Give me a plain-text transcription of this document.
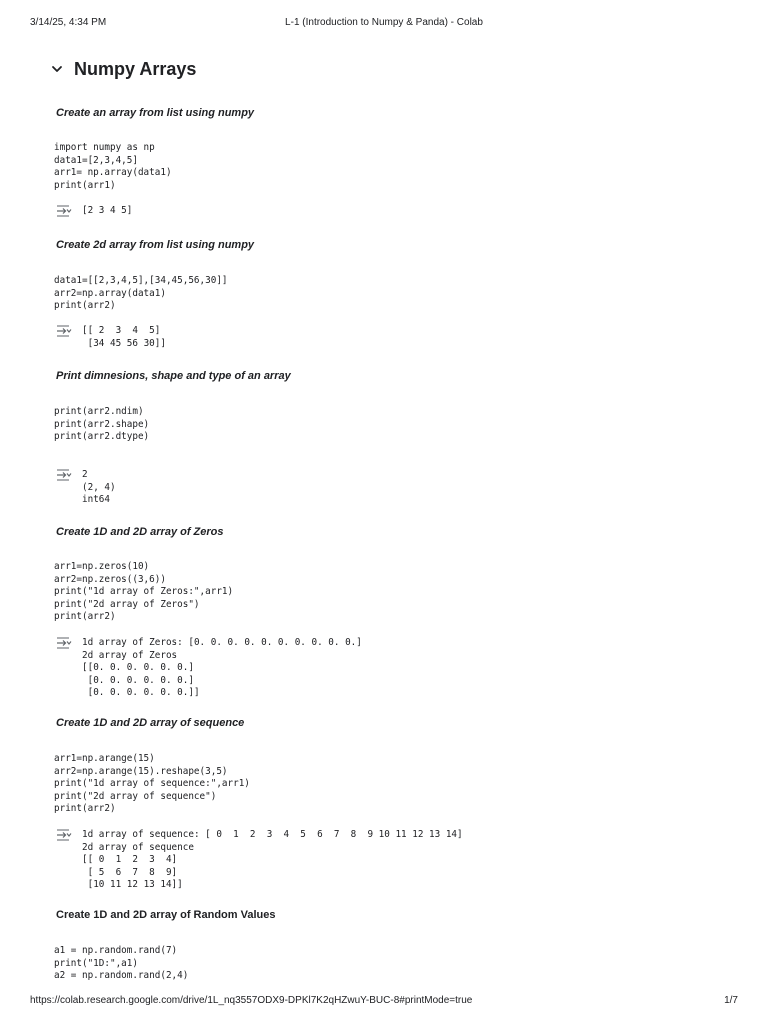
3/14/25, 4:34 PM	L-1 (Introduction to Numpy & Panda) - Colab
Numpy Arrays
Create an array from list using numpy
import numpy as np
data1=[2,3,4,5]
arr1= np.array(data1)
print(arr1)
[2 3 4 5]
Create 2d array from list using numpy
data1=[[2,3,4,5],[34,45,56,30]]
arr2=np.array(data1)
print(arr2)
[[ 2  3  4  5]
[34 45 56 30]]
Print dimnesions, shape and type of an array
print(arr2.ndim)
print(arr2.shape)
print(arr2.dtype)
2
(2, 4)
int64
Create 1D and 2D array of Zeros
arr1=np.zeros(10)
arr2=np.zeros((3,6))
print("1d array of Zeros:",arr1)
print("2d array of Zeros")
print(arr2)
1d array of Zeros: [0. 0. 0. 0. 0. 0. 0. 0. 0. 0.]
2d array of Zeros
[[0. 0. 0. 0. 0. 0.]
[0. 0. 0. 0. 0. 0.]
[0. 0. 0. 0. 0. 0.]]
Create 1D and 2D array of sequence
arr1=np.arange(15)
arr2=np.arange(15).reshape(3,5)
print("1d array of sequence:",arr1)
print("2d array of sequence")
print(arr2)
1d array of sequence: [ 0  1  2  3  4  5  6  7  8  9 10 11 12 13 14]
2d array of sequence
[[ 0  1  2  3  4]
[ 5  6  7  8  9]
[10 11 12 13 14]]
Create 1D and 2D array of Random Values
a1 = np.random.rand(7)
print("1D:",a1)
a2 = np.random.rand(2,4)
https://colab.research.google.com/drive/1L_nq3557ODX9-DPKl7K2qHZwuY-BUC-8#printMode=true	1/7
